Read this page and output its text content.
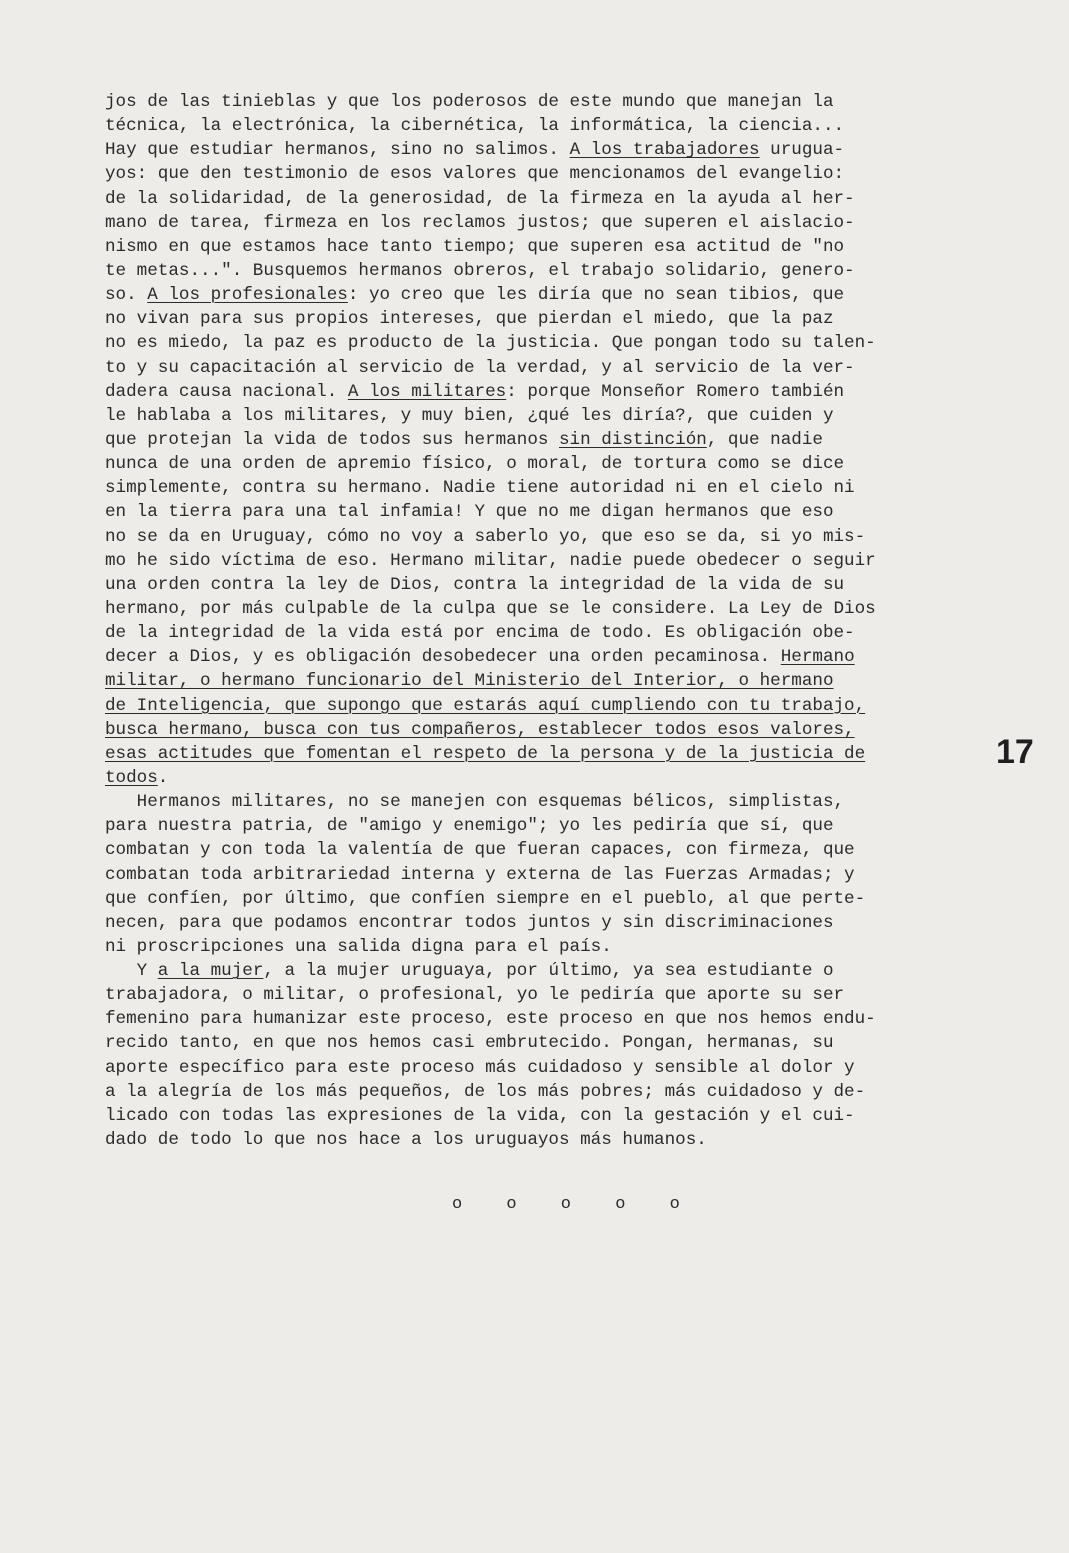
jos de las tinieblas y que los poderosos de este mundo que manejan la
técnica, la electrónica, la cibernética, la informática, la ciencia...
Hay que estudiar hermanos, sino no salimos. A los trabajadores urugua-
yos: que den testimonio de esos valores que mencionamos del evangelio:
de la solidaridad, de la generosidad, de la firmeza en la ayuda al her-
mano de tarea, firmeza en los reclamos justos; que superen el aislacio-
nismo en que estamos hace tanto tiempo; que superen esa actitud de "no
te metas...". Busquemos hermanos obreros, el trabajo solidario, genero-
so. A los profesionales: yo creo que les diría que no sean tibios, que
no vivan para sus propios intereses, que pierdan el miedo, que la paz
no es miedo, la paz es producto de la justicia. Que pongan todo su talen-
to y su capacitación al servicio de la verdad, y al servicio de la ver-
dadera causa nacional. A los militares: porque Monseñor Romero también
le hablaba a los militares, y muy bien, ¿qué les diría?, que cuiden y
que protejan la vida de todos sus hermanos sin distinción, que nadie
nunca de una orden de apremio físico, o moral, de tortura como se dice
simplemente, contra su hermano. Nadie tiene autoridad ni en el cielo ni
en la tierra para una tal infamia! Y que no me digan hermanos que eso
no se da en Uruguay, cómo no voy a saberlo yo, que eso se da, si yo mis-
mo he sido víctima de eso. Hermano militar, nadie puede obedecer o seguir
una orden contra la ley de Dios, contra la integridad de la vida de su
hermano, por más culpable de la culpa que se le considere. La Ley de Dios
de la integridad de la vida está por encima de todo. Es obligación obe-
decer a Dios, y es obligación desobedecer una orden pecaminosa. Hermano
militar, o hermano funcionario del Ministerio del Interior, o hermano
de Inteligencia, que supongo que estarás aquí cumpliendo con tu trabajo,
busca hermano, busca con tus compañeros, establecer todos esos valores,
esas actitudes que fomentan el respeto de la persona y de la justicia de
todos.
Hermanos militares, no se manejen con esquemas bélicos, simplistas,
para nuestra patria, de "amigo y enemigo"; yo les pediría que sí, que
combatan y con toda la valentía de que fueran capaces, con firmeza, que
combatan toda arbitrariedad interna y externa de las Fuerzas Armadas; y
que confíen, por último, que confíen siempre en el pueblo, al que perte-
necen, para que podamos encontrar todos juntos y sin discriminaciones
ni proscripciones una salida digna para el país.
Y a la mujer, a la mujer uruguaya, por último, ya sea estudiante o
trabajadora, o militar, o profesional, yo le pediría que aporte su ser
femenino para humanizar este proceso, este proceso en que nos hemos endu-
recido tanto, en que nos hemos casi embrutecido. Pongan, hermanas, su
aporte específico para este proceso más cuidadoso y sensible al dolor y
a la alegría de los más pequeños, de los más pobres; más cuidadoso y de-
licado con todas las expresiones de la vida, con la gestación y el cui-
dado de todo lo que nos hace a los uruguayos más humanos.
17
o o o o o
